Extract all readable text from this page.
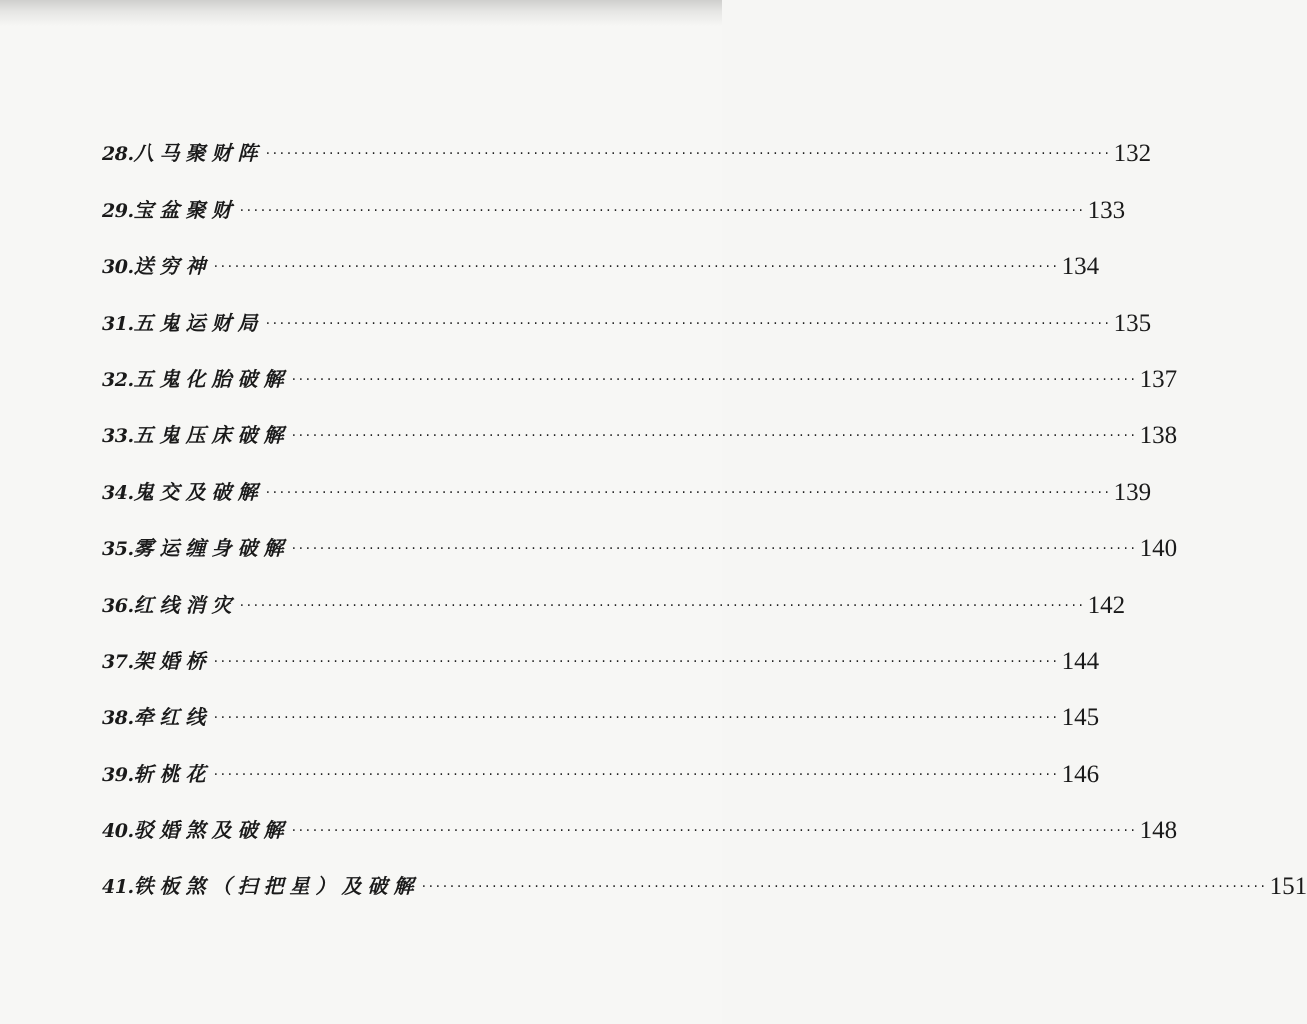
28. 八马聚财阵 ························································································································ 132
29. 宝盆聚财 ························································································································ 133
30. 送穷神 ························································································································ 134
31. 五鬼运财局 ························································································································ 135
32. 五鬼化胎破解 ························································································································ 137
33. 五鬼压床破解 ························································································································ 138
34. 鬼交及破解 ························································································································ 139
35. 雾运缠身破解 ························································································································ 140
36. 红线消灾 ························································································································ 142
37. 架婚桥 ························································································································ 144
38. 牵红线 ························································································································ 145
39. 斩桃花 ························································································································ 146
40. 驳婚煞及破解 ························································································································ 148
41. 铁板煞（扫把星）及破解 ························································································································ 151
